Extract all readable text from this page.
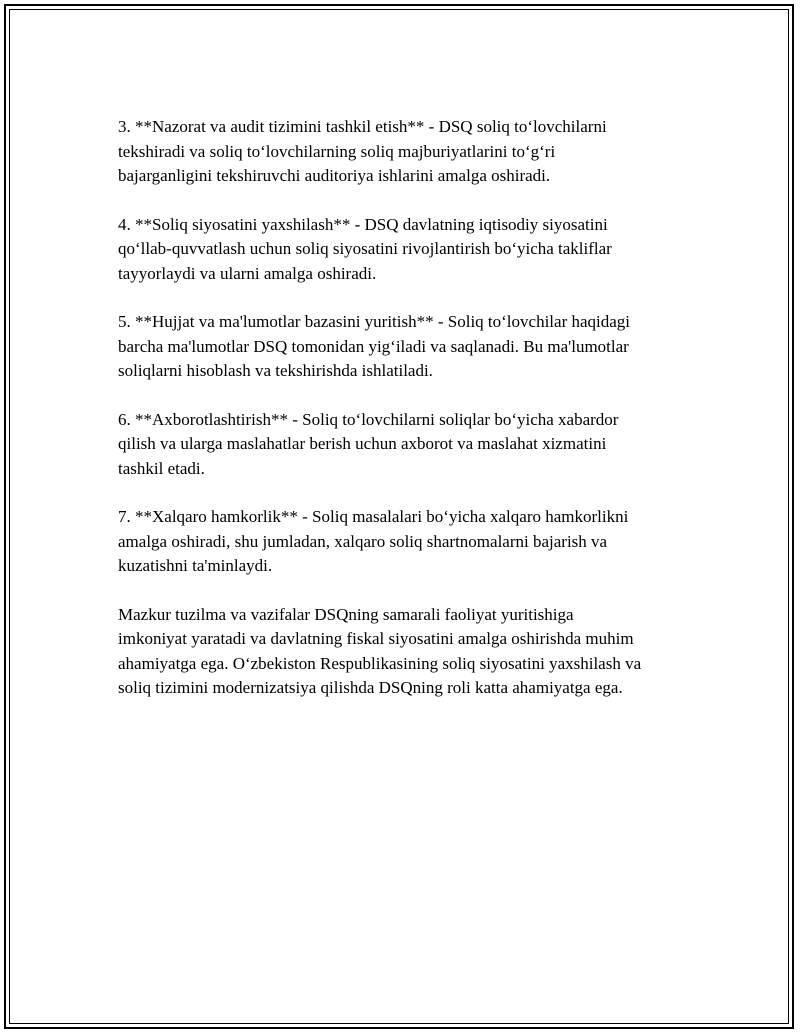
3. **Nazorat va audit tizimini tashkil etish** - DSQ soliq to‘lovchilarni
tekshiradi va soliq to‘lovchilarning soliq majburiyatlarini to‘g‘ri
bajarganligini tekshiruvchi auditoriya ishlarini amalga oshiradi.

4. **Soliq siyosatini yaxshilash** - DSQ davlatning iqtisodiy siyosatini
qo‘llab-quvvatlash uchun soliq siyosatini rivojlantirish bo‘yicha takliflar
tayyorlaydi va ularni amalga oshiradi.

5. **Hujjat va ma'lumotlar bazasini yuritish** - Soliq to‘lovchilar haqidagi
barcha ma'lumotlar DSQ tomonidan yig‘iladi va saqlanadi. Bu ma'lumotlar
soliqlarni hisoblash va tekshirishda ishlatiladi.

6. **Axborotlashtirish** - Soliq to‘lovchilarni soliqlar bo‘yicha xabardor
qilish va ularga maslahatlar berish uchun axborot va maslahat xizmatini
tashkil etadi.

7. **Xalqaro hamkorlik** - Soliq masalalari bo‘yicha xalqaro hamkorlikni
amalga oshiradi, shu jumladan, xalqaro soliq shartnomalarni bajarish va
kuzatishni ta'minlaydi.

Mazkur tuzilma va vazifalar DSQning samarali faoliyat yuritishiga
imkoniyat yaratadi va davlatning fiskal siyosatini amalga oshirishda muhim
ahamiyatga ega. O‘zbekiston Respublikasining soliq siyosatini yaxshilash va
soliq tizimini modernizatsiya qilishda DSQning roli katta ahamiyatga ega.
